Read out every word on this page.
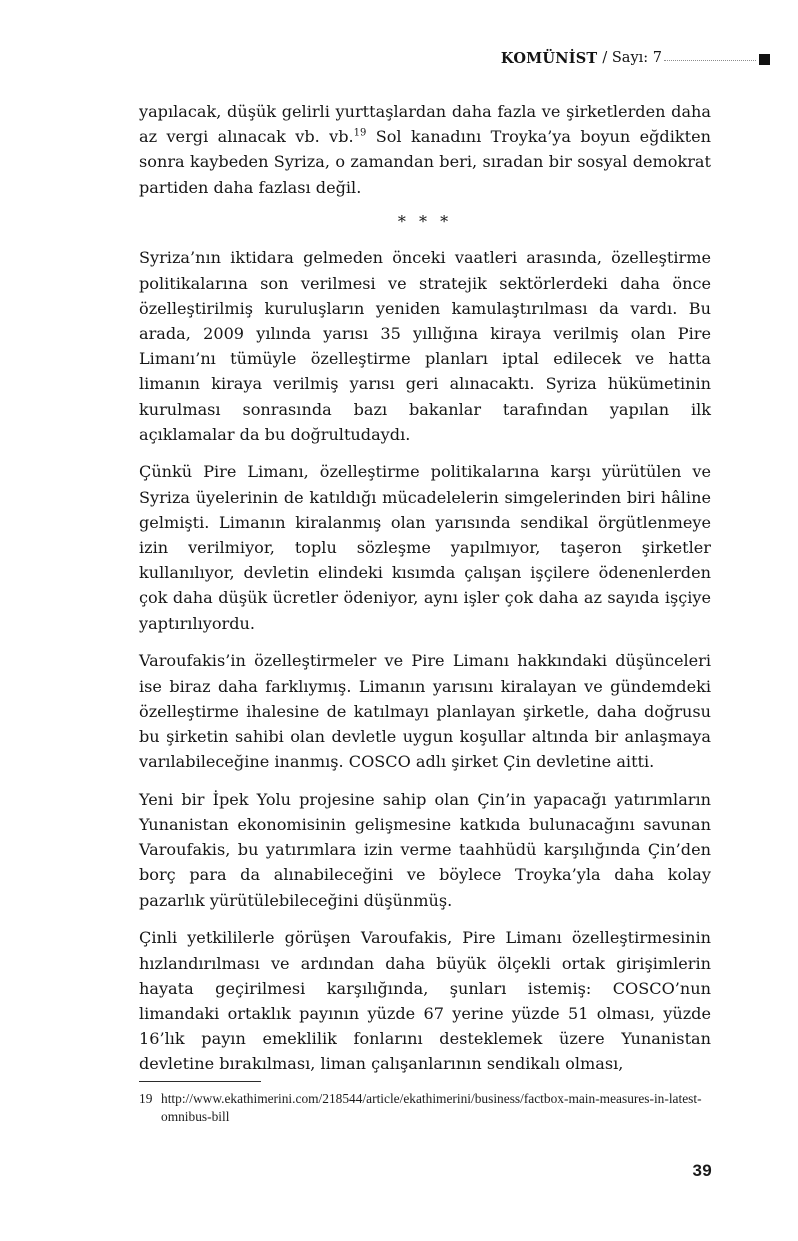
KOMÜNİST / Sayı: 7

yapılacak, düşük gelirli yurttaşlardan daha fazla ve şirketlerden daha az vergi alınacak vb. vb.$^{19}$ Sol kanadını Troyka’ya boyun eğdikten sonra kaybeden Syriza, o zamandan beri, sıradan bir sosyal demokrat partiden daha fazlası değil.

* * *

Syriza’nın iktidara gelmeden önceki vaatleri arasında, özelleştirme politikalarına son verilmesi ve stratejik sektörlerdeki daha önce özelleştirilmiş kuruluşların yeniden kamulaştırılması da vardı. Bu arada, 2009 yılında yarısı 35 yıllığına kiraya verilmiş olan Pire Limanı’nı tümüyle özelleştirme planları iptal edilecek ve hatta limanın kiraya verilmiş yarısı geri alınacaktı. Syriza hükümetinin kurulması sonrasında bazı bakanlar tarafından yapılan ilk açıklamalar da bu doğrultudaydı.

Çünkü Pire Limanı, özelleştirme politikalarına karşı yürütülen ve Syriza üyelerinin de katıldığı mücadelelerin simgelerinden biri hâline gelmişti. Limanın kiralanmış olan yarısında sendikal örgütlenmeye izin verilmiyor, toplu sözleşme yapılmıyor, taşeron şirketler kullanılıyor, devletin elindeki kısımda çalışan işçilere ödenenlerden çok daha düşük ücretler ödeniyor, aynı işler çok daha az sayıda işçiye yaptırılıyordu.

Varoufakis’in özelleştirmeler ve Pire Limanı hakkındaki düşünceleri ise biraz daha farklıymış. Limanın yarısını kiralayan ve gündemdeki özelleştirme ihalesine de katılmayı planlayan şirketle, daha doğrusu bu şirketin sahibi olan devletle uygun koşullar altında bir anlaşmaya varılabileceğine inanmış. COSCO adlı şirket Çin devletine aitti.

Yeni bir İpek Yolu projesine sahip olan Çin’in yapacağı yatırımların Yunanistan ekonomisinin gelişmesine katkıda bulunacağını savunan Varoufakis, bu yatırımlara izin verme taahhüdü karşılığında Çin’den borç para da alınabileceğini ve böylece Troyka’yla daha kolay pazarlık yürütülebileceğini düşünmüş.

Çinli yetkililerle görüşen Varoufakis, Pire Limanı özelleştirmesinin hızlandırılması ve ardından daha büyük ölçekli ortak girişimlerin hayata geçirilmesi karşılığında, şunları istemiş: COSCO’nun limandaki ortaklık payının yüzde 67 yerine yüzde 51 olması, yüzde 16’lık payın emeklilik fonlarını desteklemek üzere Yunanistan devletine bırakılması, liman çalışanlarının sendikalı olması,

19 http://www.ekathimerini.com/218544/article/ekathimerini/business/factbox-main-measures-in-latest-omnibus-bill
39
